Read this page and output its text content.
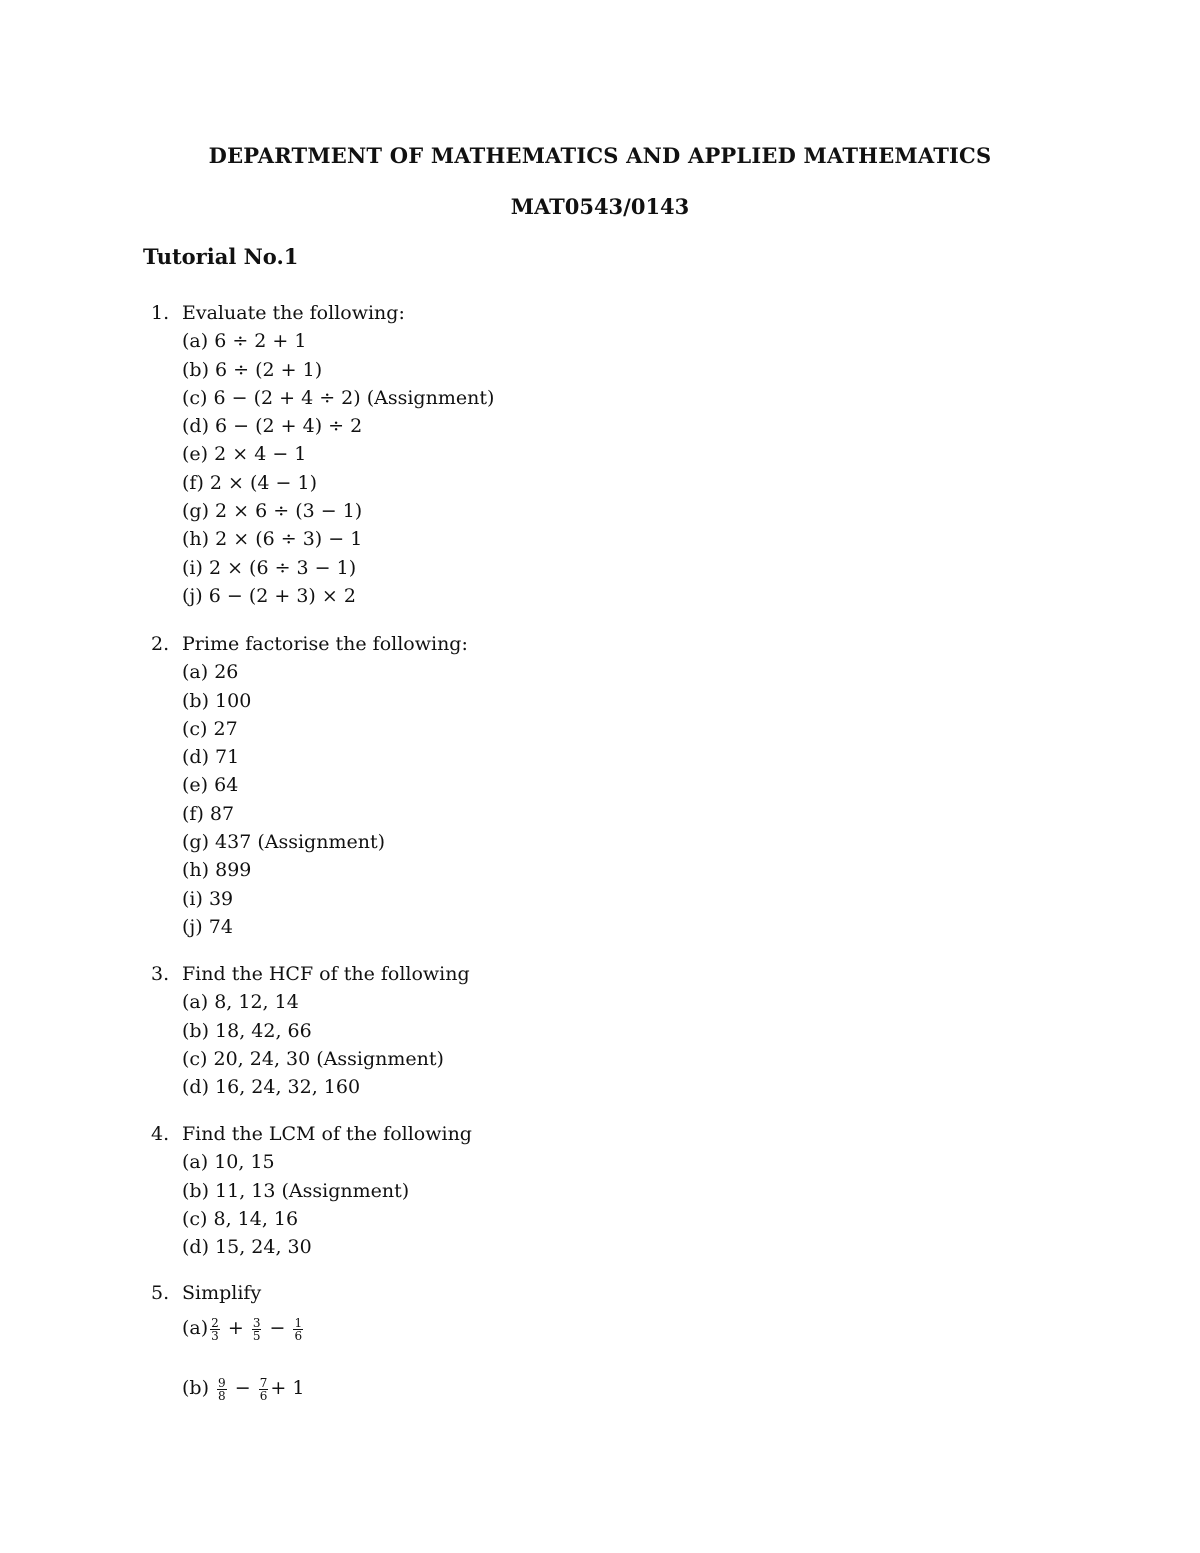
DEPARTMENT OF MATHEMATICS AND APPLIED MATHEMATICS
MAT0543/0143
Tutorial No.1
1. Evaluate the following:
(a) 6 ÷ 2 + 1
(b) 6 ÷ (2 + 1)
(c) 6 − (2 + 4 ÷ 2) (Assignment)
(d) 6 − (2 + 4) ÷ 2
(e) 2 × 4 − 1
(f) 2 × (4 − 1)
(g) 2 × 6 ÷ (3 − 1)
(h) 2 × (6 ÷ 3) − 1
(i) 2 × (6 ÷ 3 − 1)
(j) 6 − (2 + 3) × 2
2. Prime factorise the following:
(a) 26
(b) 100
(c) 27
(d) 71
(e) 64
(f) 87
(g) 437 (Assignment)
(h) 899
(i) 39
(j) 74
3. Find the HCF of the following
(a) 8, 12, 14
(b) 18, 42, 66
(c) 20, 24, 30 (Assignment)
(d) 16, 24, 32, 160
4. Find the LCM of the following
(a) 10, 15
(b) 11, 13 (Assignment)
(c) 8, 14, 16
(d) 15, 24, 30
5. Simplify
$(a) \frac{2}{3} + \frac{3}{5} - \frac{1}{6}$
$(b) \frac{9}{8} - \frac{7}{6} + 1$
